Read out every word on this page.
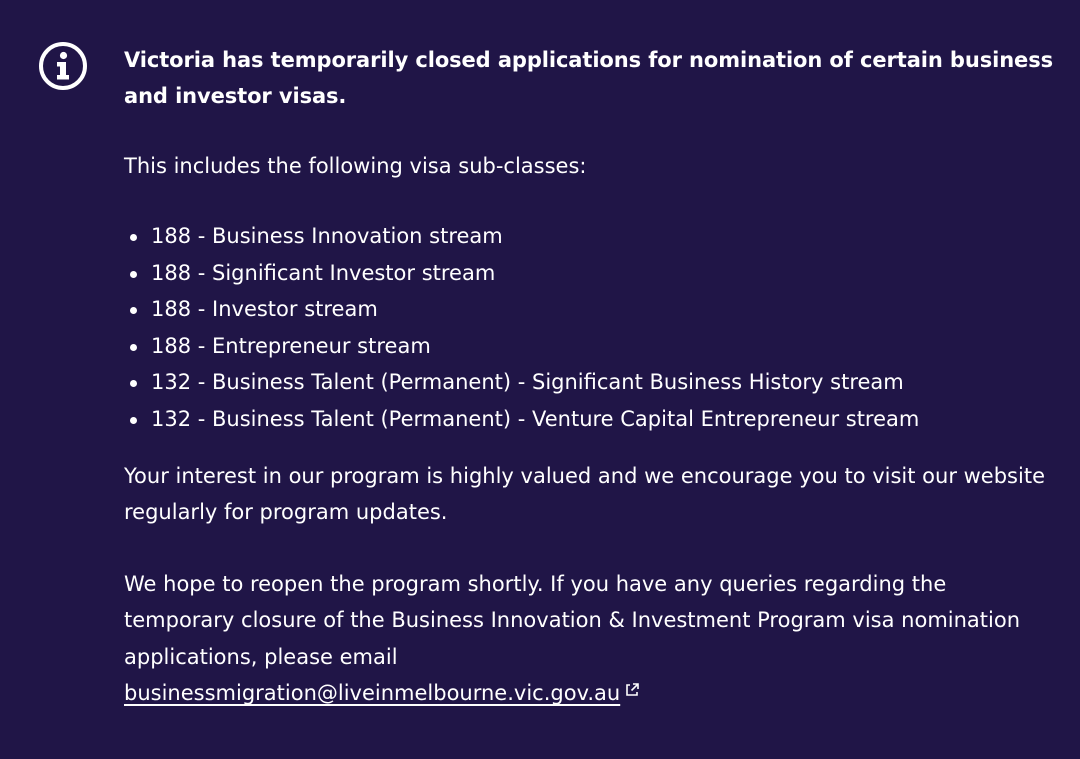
Victoria has temporarily closed applications for nomination of certain business and investor visas.

This includes the following visa sub-classes:

188 - Business Innovation stream
188 - Significant Investor stream
188 - Investor stream
188 - Entrepreneur stream
132 - Business Talent (Permanent) - Significant Business History stream
132 - Business Talent (Permanent) - Venture Capital Entrepreneur stream

Your interest in our program is highly valued and we encourage you to visit our website regularly for program updates.

We hope to reopen the program shortly. If you have any queries regarding the temporary closure of the Business Innovation & Investment Program visa nomination applications, please email
businessmigration@liveinmelbourne.vic.gov.au
